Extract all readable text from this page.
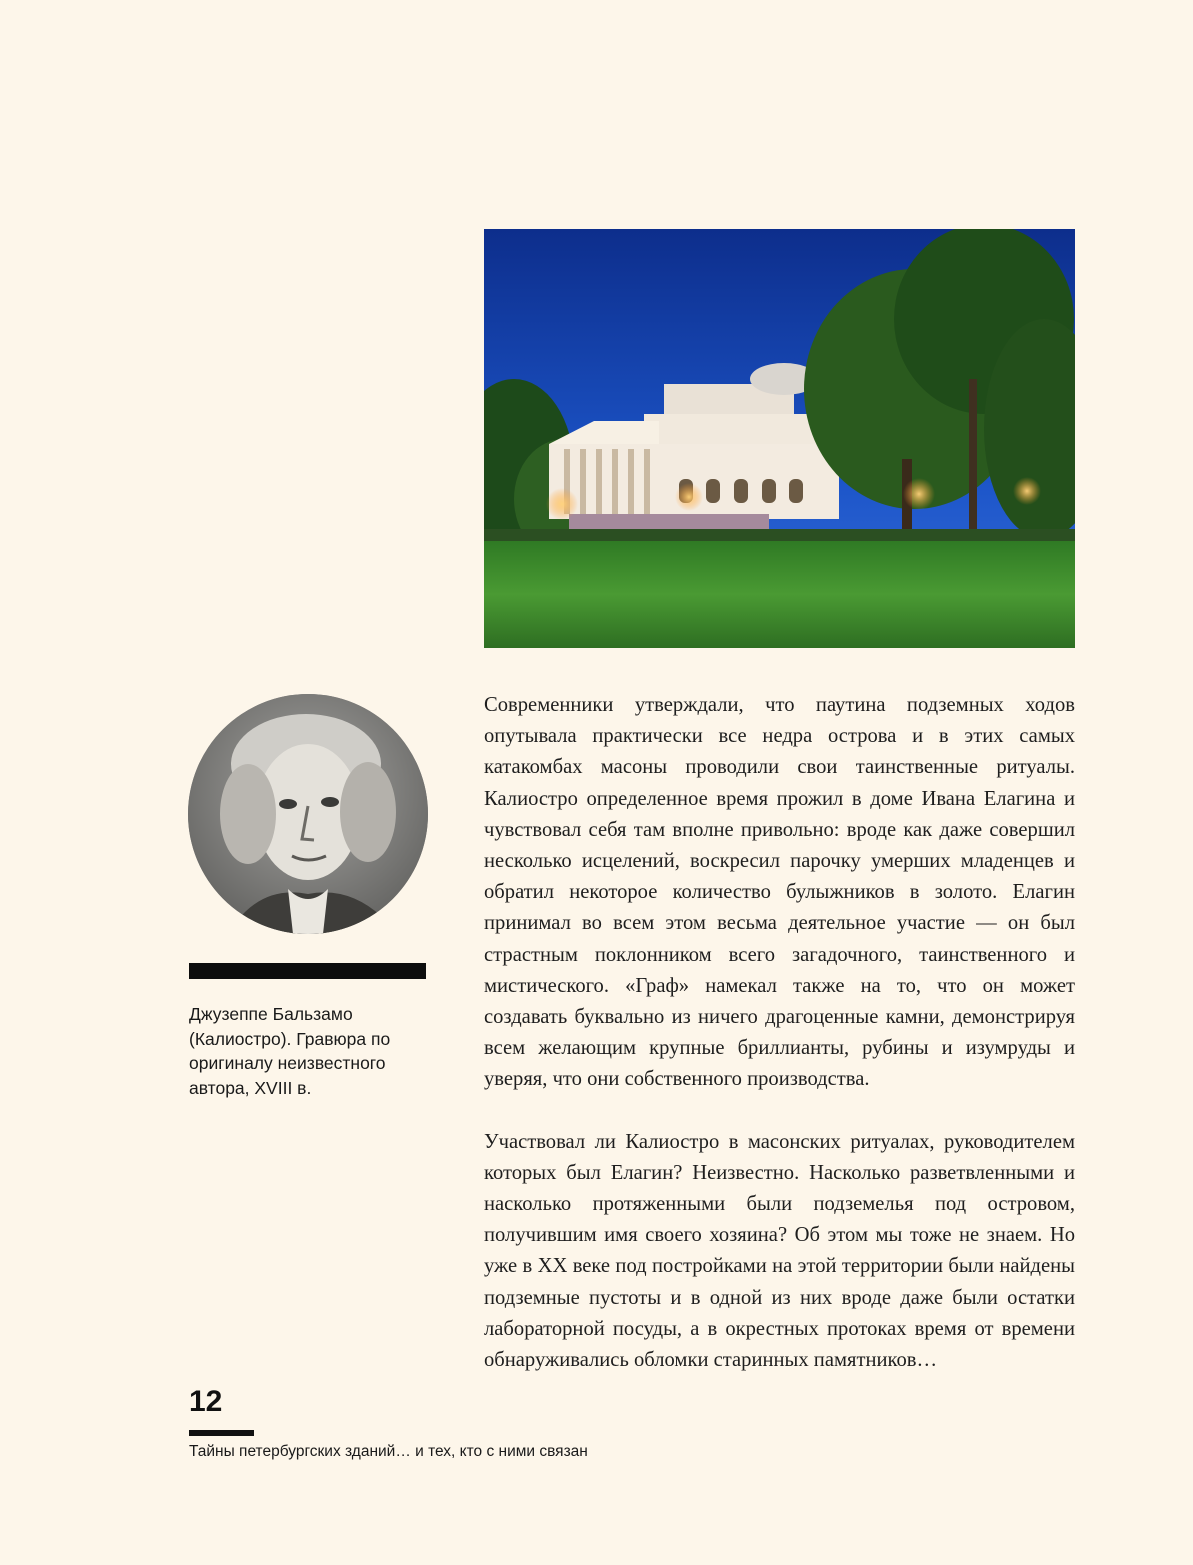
Джузеппе Бальзамо (Калиостро). Гравюра по оригиналу неизвестного автора, XVIII в.

Современники утверждали, что паутина подземных ходов опутывала практически все недра острова и в этих самых катакомбах масоны проводили свои таинственные ритуалы. Калиостро определенное время прожил в доме Ивана Елагина и чувствовал себя там вполне привольно: вроде как даже совершил несколько исцелений, воскресил парочку умерших младенцев и обратил некоторое количество булыжников в золото. Елагин принимал во всем этом весьма деятельное участие — он был страстным поклонником всего загадочного, таинственного и мистического. «Граф» намекал также на то, что он может создавать буквально из ничего драгоценные камни, демонстрируя всем желающим крупные бриллианты, рубины и изумруды и уверяя, что они собственного производства.

Участвовал ли Калиостро в масонских ритуалах, руководителем которых был Елагин? Неизвестно. Насколько разветвленными и насколько протяженными были подземелья под островом, получившим имя своего хозяина? Об этом мы тоже не знаем. Но уже в XX веке под постройками на этой территории были найдены подземные пустоты и в одной из них вроде даже были остатки лабораторной посуды, а в окрестных протоках время от времени обнаруживались обломки старинных памятников…

12
Тайны петербургских зданий… и тех, кто с ними связан
